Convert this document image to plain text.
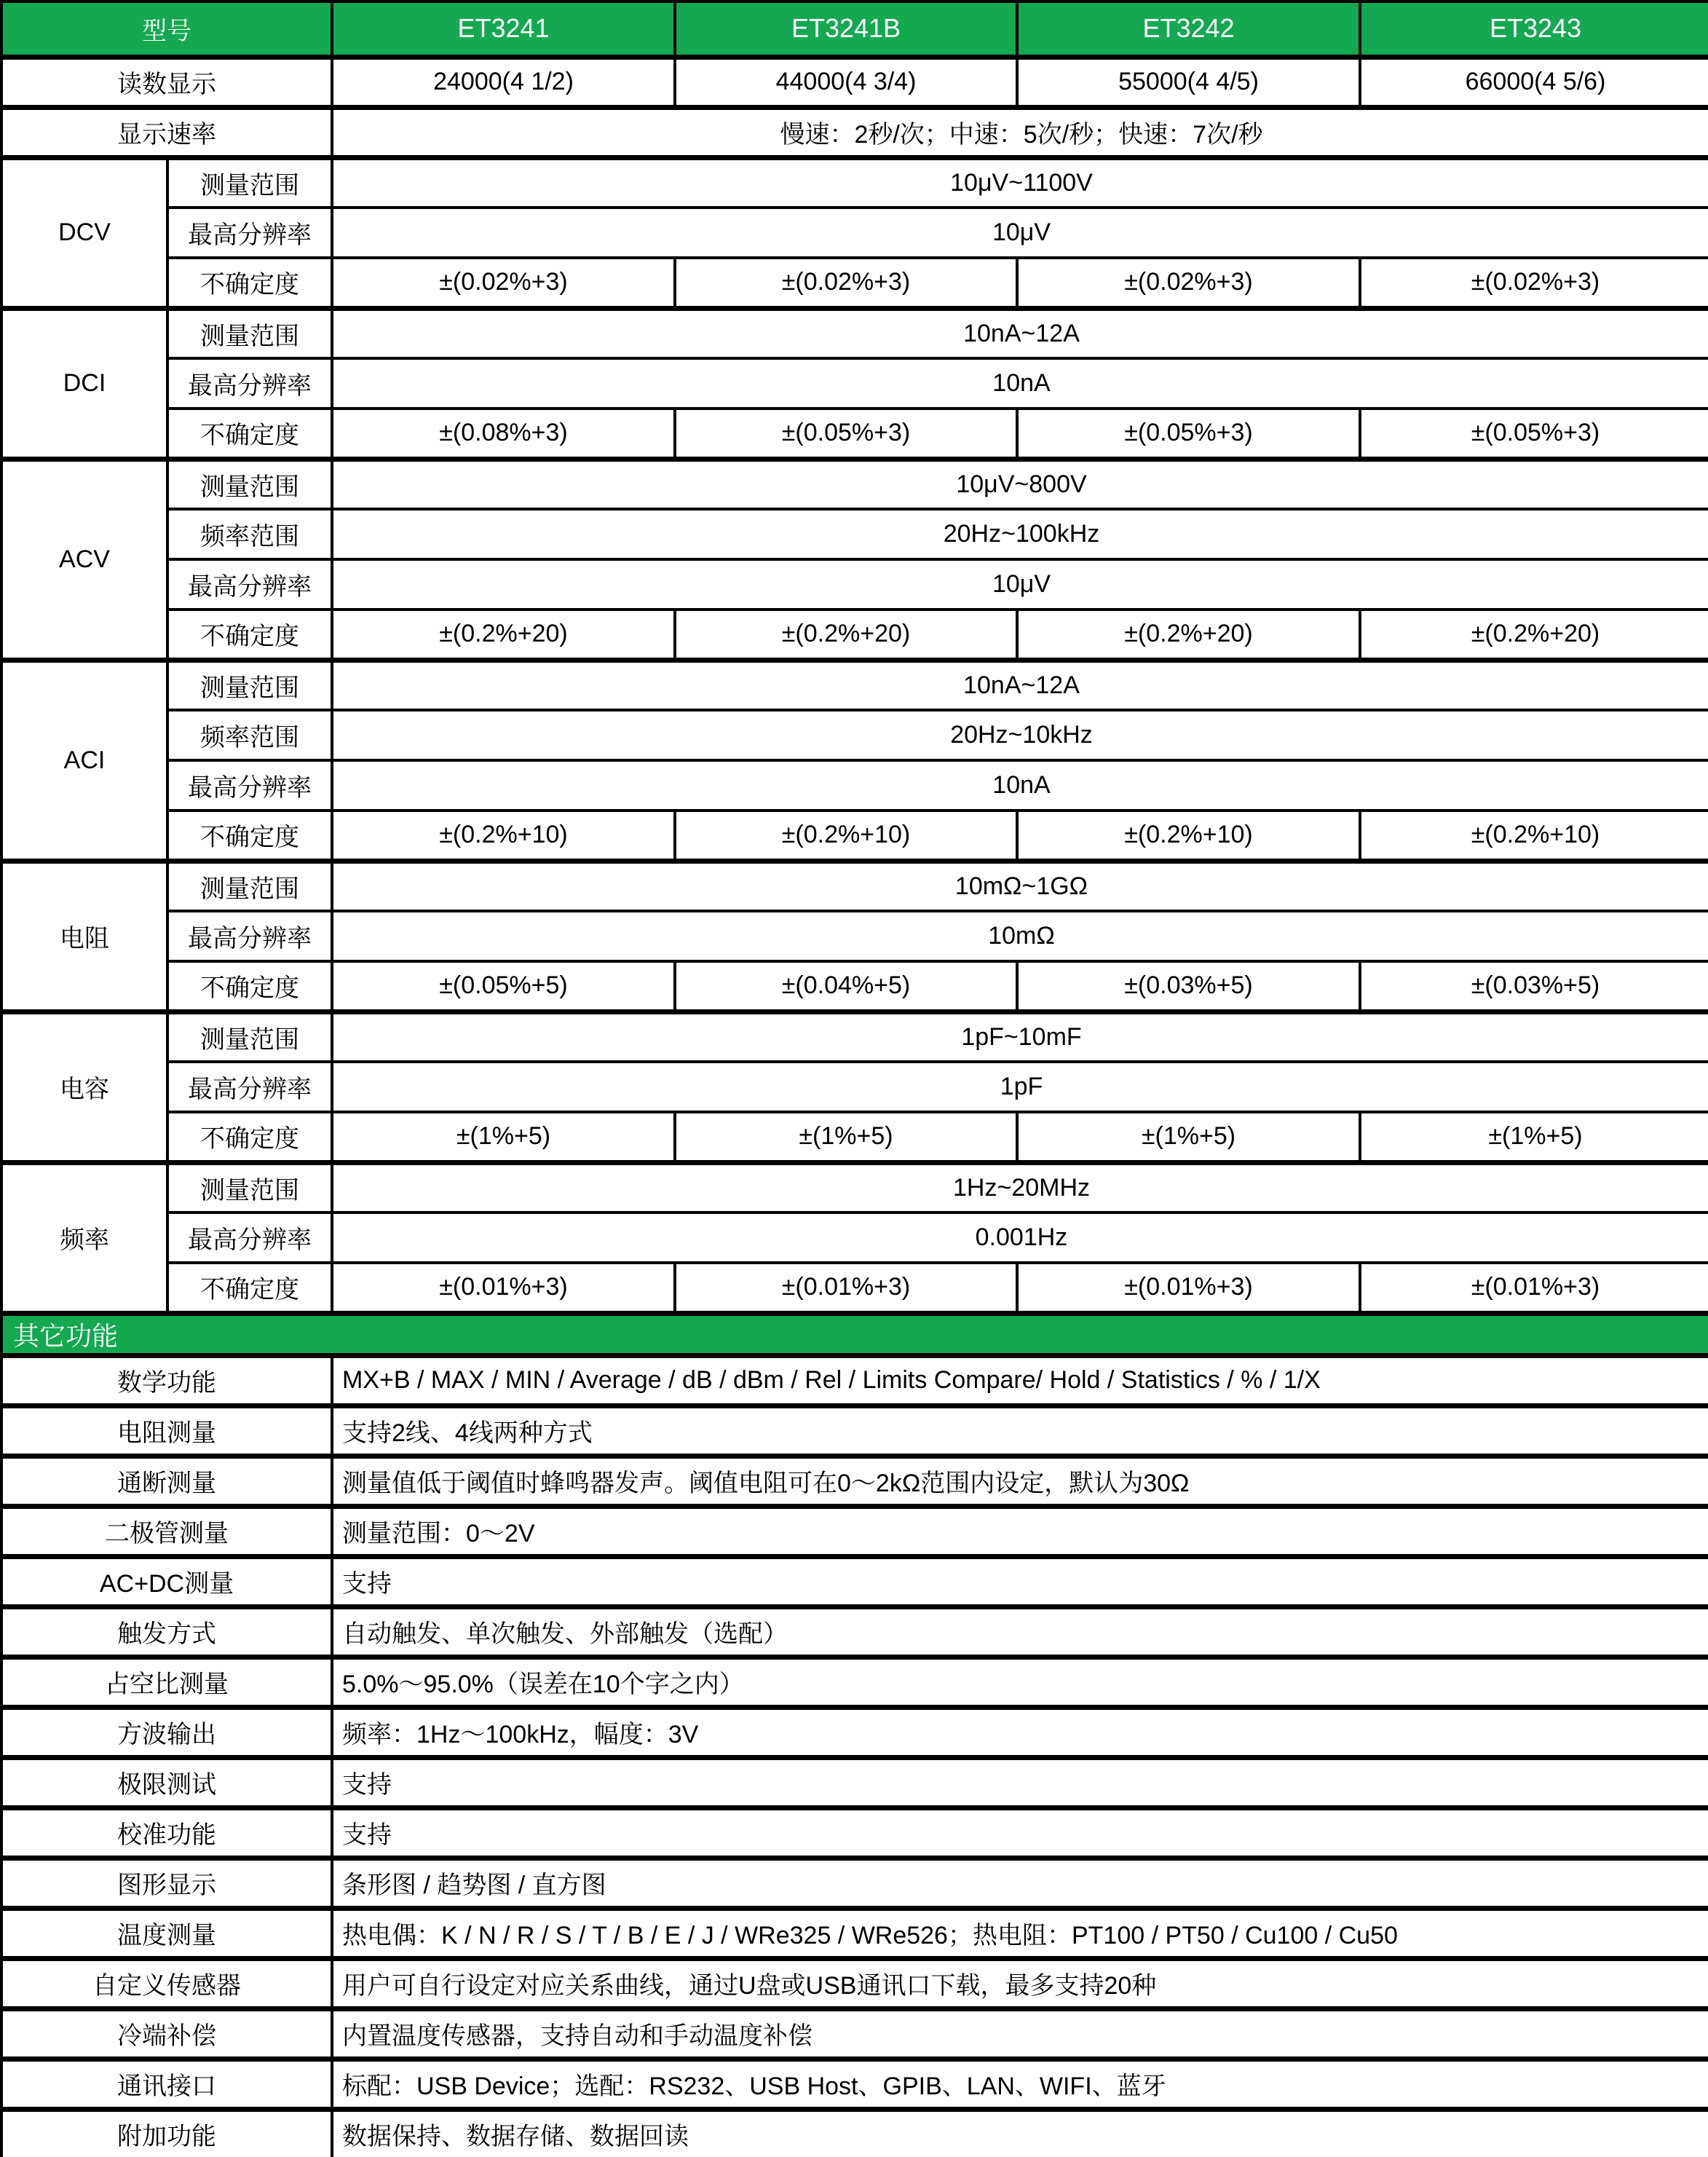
型号		ET3241	ET3241B	ET3242	ET3243
读数显示		24000(4 1/2)	44000(4 3/4)	55000(4 4/5)	66000(4 5/6)
显示速率		慢速：2秒/次；中速：5次/秒；快速：7次/秒			
DCV	测量范围	10μV~1100V			
	最高分辨率	10μV			
	不确定度	±(0.02%+3)	±(0.02%+3)	±(0.02%+3)	±(0.02%+3)
DCI	测量范围	10nA~12A			
	最高分辨率	10nA			
	不确定度	±(0.08%+3)	±(0.05%+3)	±(0.05%+3)	±(0.05%+3)
ACV	测量范围	10μV~800V			
	频率范围	20Hz~100kHz			
	最高分辨率	10μV			
	不确定度	±(0.2%+20)	±(0.2%+20)	±(0.2%+20)	±(0.2%+20)
ACI	测量范围	10nA~12A			
	频率范围	20Hz~10kHz			
	最高分辨率	10nA			
	不确定度	±(0.2%+10)	±(0.2%+10)	±(0.2%+10)	±(0.2%+10)
电阻	测量范围	10mΩ~1GΩ			
	最高分辨率	10mΩ			
	不确定度	±(0.05%+5)	±(0.04%+5)	±(0.03%+5)	±(0.03%+5)
电容	测量范围	1pF~10mF			
	最高分辨率	1pF			
	不确定度	±(1%+5)	±(1%+5)	±(1%+5)	±(1%+5)
频率	测量范围	1Hz~20MHz			
	最高分辨率	0.001Hz			
	不确定度	±(0.01%+3)	±(0.01%+3)	±(0.01%+3)	±(0.01%+3)
其它功能					
数学功能		MX+B / MAX / MIN / Average / dB / dBm / Rel / Limits Compare/ Hold / Statistics / % / 1/X			
电阻测量		支持2线、4线两种方式			
通断测量		测量值低于阈值时蜂鸣器发声。阈值电阻可在0～2kΩ范围内设定，默认为30Ω			
二极管测量		测量范围：0～2V			
AC+DC测量		支持			
触发方式		自动触发、单次触发、外部触发（选配）			
占空比测量		5.0%～95.0%（误差在10个字之内）			
方波输出		频率：1Hz～100kHz，幅度：3V			
极限测试		支持			
校准功能		支持			
图形显示		条形图 / 趋势图 / 直方图			
温度测量		热电偶：K / N / R / S / T / B / E / J / WRe325 / WRe526；热电阻：PT100 / PT50 / Cu100 / Cu50			
自定义传感器		用户可自行设定对应关系曲线，通过U盘或USB通讯口下载，最多支持20种			
冷端补偿		内置温度传感器，支持自动和手动温度补偿			
通讯接口		标配：USB Device；选配：RS232、USB Host、GPIB、LAN、WIFI、蓝牙			
附加功能		数据保持、数据存储、数据回读			
